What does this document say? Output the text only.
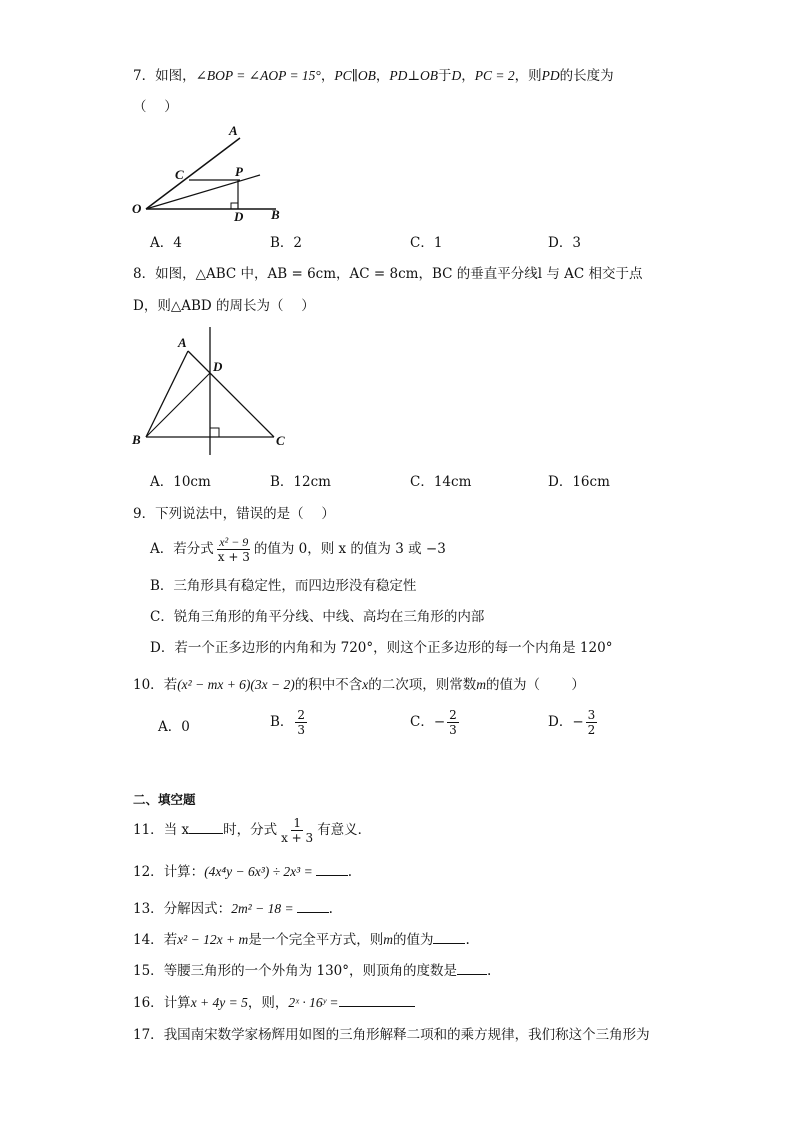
7．如图，∠BOP = ∠AOP = 15°，PC∥OB，PD⊥OB于D，PC = 2，则PD的长度为
（　 ）
A
C	P
O
D B
A．4	B．2	C．1	D．3
8．如图，△ABC 中，AB = 6cm，AC = 8cm，BC 的垂直平分线l 与 AC 相交于点
D，则△ABD 的周长为（　 ）
A
D
B	C
A．10cm	B．12cm	C．14cm	D．16cm
9．下列说法中，错误的是（　 ）
A．若分式 $\frac{\text{x² − 9}}{x + 3}$ 的值为 0，则 x 的值为 3 或 −3
B．三角形具有稳定性，而四边形没有稳定性
C．锐角三角形的角平分线、中线、高均在三角形的内部
D．若一个正多边形的内角和为 720°，则这个正多边形的每一个内角是 120°
10．若(x² − mx + 6)(3x − 2)的积中不含x的二次项，则常数m的值为（　　 ）
A．0	B． $\frac{2}{3}$	C．− $\frac{2}{3}$	D．− $\frac{3}{2}$
二、填空题
11．当 x	时，分式 $\frac{1}{x + 3}$ 有意义．
12．计算：(4x⁴y − 6x³) ÷ 2x³ =	.
13．分解因式：2m² − 18 =	.
14．若x² − 12x + m是一个完全平方式，则m的值为 .
15．等腰三角形的一个外角为 130°，则顶角的度数是 .
16．计算x + 4y = 5，则，2ˣ · 16ʸ =
17．我国南宋数学家杨辉用如图的三角形解释二项和的乘方规律，我们称这个三角形为
